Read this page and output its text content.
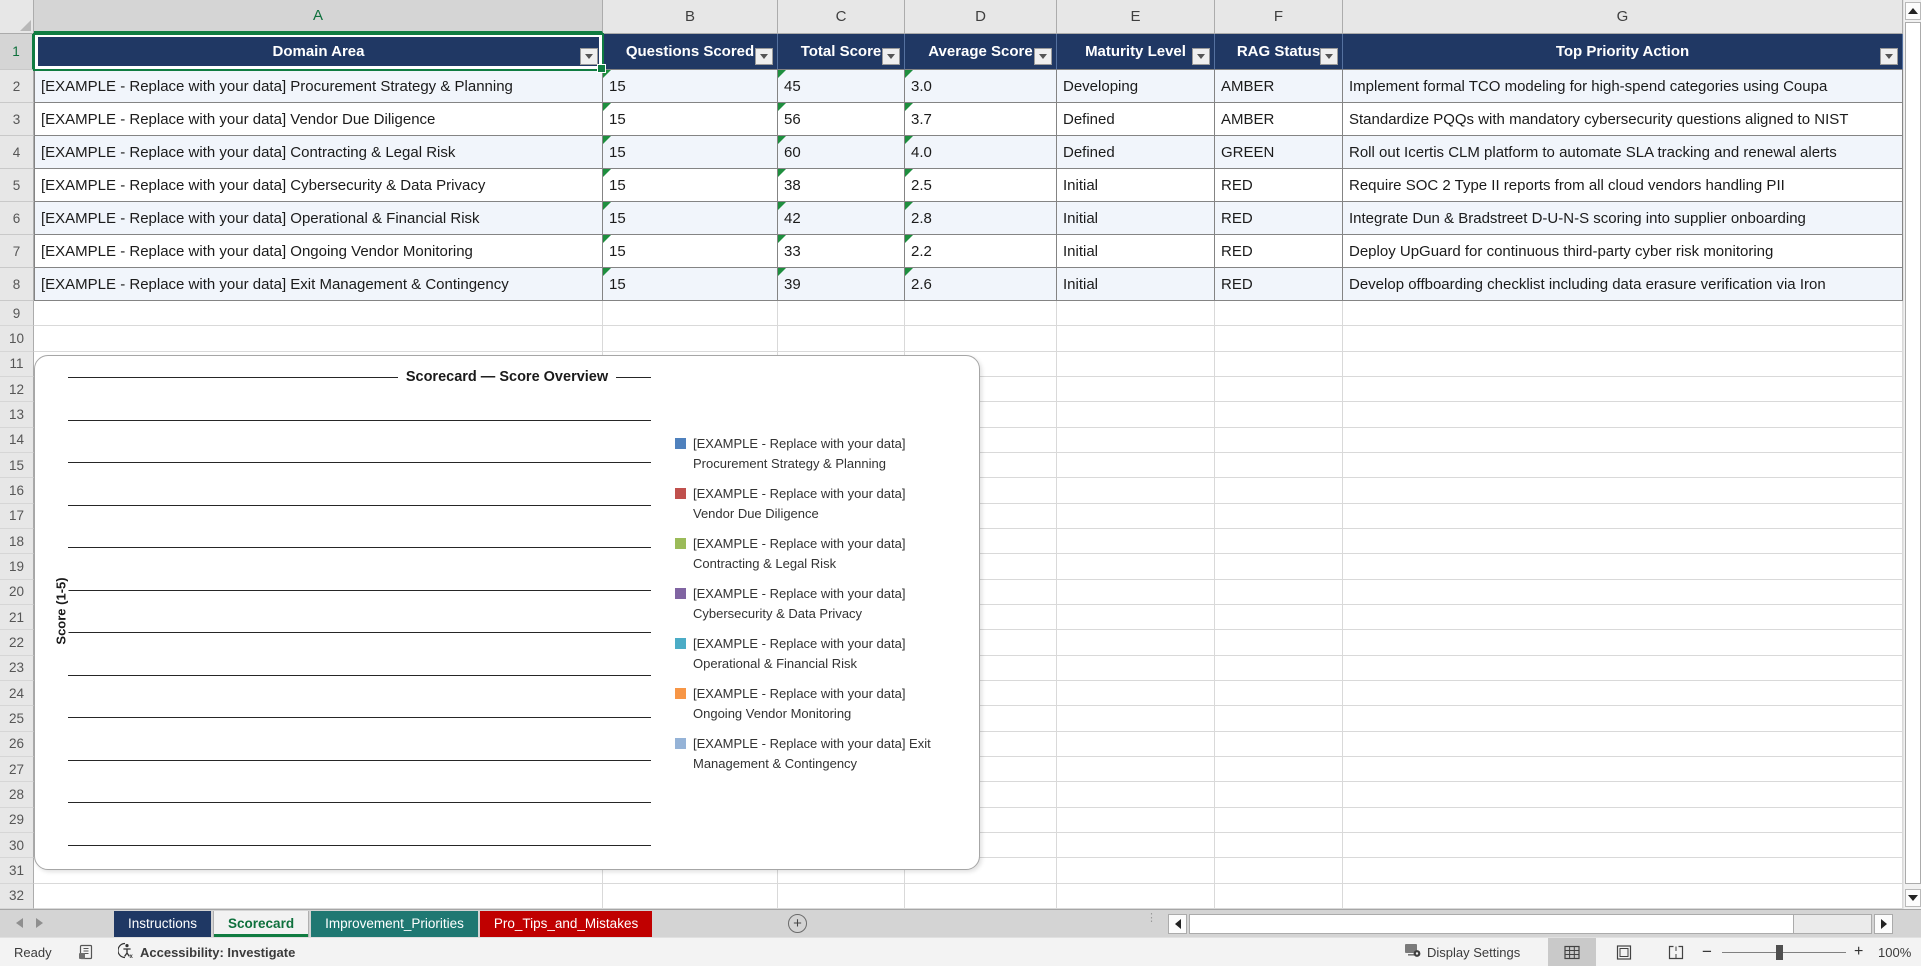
A	B	C	D	E	F	G
1	Domain Area	Questions Scored	Total Score	Average Score	Maturity Level	RAG Status	Top Priority Action
2	[EXAMPLE - Replace with your data] Procurement Strategy & Planning	15	45	3.0	Developing	AMBER	Implement formal TCO modeling for high-spend categories using Coupa
3	[EXAMPLE - Replace with your data] Vendor Due Diligence	15	56	3.7	Defined	AMBER	Standardize PQQs with mandatory cybersecurity questions aligned to NIST
4	[EXAMPLE - Replace with your data] Contracting & Legal Risk	15	60	4.0	Defined	GREEN	Roll out Icertis CLM platform to automate SLA tracking and renewal alerts
5	[EXAMPLE - Replace with your data] Cybersecurity & Data Privacy	15	38	2.5	Initial	RED	Require SOC 2 Type II reports from all cloud vendors handling PII
6	[EXAMPLE - Replace with your data] Operational & Financial Risk	15	42	2.8	Initial	RED	Integrate Dun & Bradstreet D-U-N-S scoring into supplier onboarding
7	[EXAMPLE - Replace with your data] Ongoing Vendor Monitoring	15	33	2.2	Initial	RED	Deploy UpGuard for continuous third-party cyber risk monitoring
8	[EXAMPLE - Replace with your data] Exit Management & Contingency	15	39	2.6	Initial	RED	Develop offboarding checklist including data erasure verification via Iron
9
10
11
12
13
14
15
16
17
18
19
20
21
22
23
24
25
26
27
28
29
30
31
32
Scorecard — Score Overview
Score (1-5)
[EXAMPLE - Replace with your data]
Procurement Strategy & Planning
[EXAMPLE - Replace with your data]
Vendor Due Diligence
[EXAMPLE - Replace with your data]
Contracting & Legal Risk
[EXAMPLE - Replace with your data]
Cybersecurity & Data Privacy
[EXAMPLE - Replace with your data]
Operational & Financial Risk
[EXAMPLE - Replace with your data]
Ongoing Vendor Monitoring
[EXAMPLE - Replace with your data] Exit
Management & Contingency
Instructions	Scorecard	Improvement_Priorities	Pro_Tips_and_Mistakes	+	⋮
Ready	x Accessibility: Investigate	Display Settings	−	+ 100%
